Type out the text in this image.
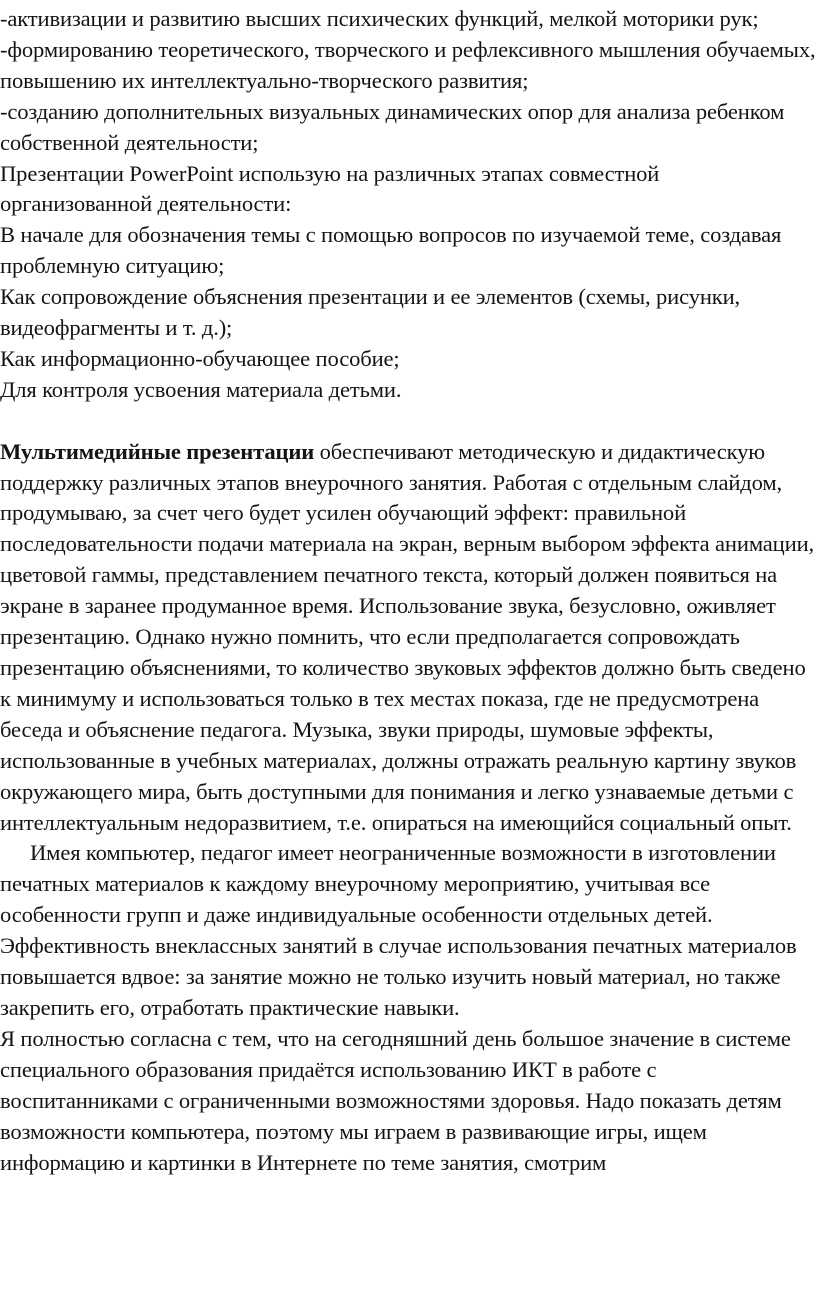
-активизации и развитию высших психических функций, мелкой моторики рук;

-формированию теоретического, творческого и рефлексивного мышления обучаемых, повышению их интеллектуально-творческого развития;

-созданию дополнительных визуальных динамических опор для анализа ребенком собственной деятельности;

Презентации PowerPoint использую на различных этапах совместной организованной деятельности:

В начале для обозначения темы с помощью вопросов по изучаемой теме, создавая проблемную ситуацию;

Как сопровождение объяснения презентации и ее элементов (схемы, рисунки, видеофрагменты и т. д.);

Как информационно-обучающее пособие;

Для контроля усвоения материала детьми.

Мультимедийные презентации обеспечивают методическую и дидактическую поддержку различных этапов внеурочного занятия. Работая с отдельным слайдом, продумываю, за счет чего будет усилен обучающий эффект: правильной последовательности подачи материала на экран, верным выбором эффекта анимации, цветовой гаммы, представлением печатного текста, который должен появиться на экране в заранее продуманное время. Использование звука, безусловно, оживляет презентацию. Однако нужно помнить, что если предполагается сопровождать презентацию объяснениями, то количество звуковых эффектов должно быть сведено к минимуму и использоваться только в тех местах показа, где не предусмотрена беседа и объяснение педагога. Музыка, звуки природы, шумовые эффекты, использованные в учебных материалах, должны отражать реальную картину звуков окружающего мира, быть доступными для понимания и легко узнаваемые детьми с интеллектуальным недоразвитием, т.е. опираться на имеющийся социальный опыт.

Имея компьютер, педагог имеет неограниченные возможности в изготовлении печатных материалов к каждому внеурочному мероприятию, учитывая все особенности групп и даже индивидуальные особенности отдельных детей. Эффективность внеклассных занятий в случае использования печатных материалов повышается вдвое: за занятие можно не только изучить новый материал, но также закрепить его, отработать практические навыки.

Я полностью согласна с тем, что на сегодняшний день большое значение в системе специального образования придаётся использованию ИКТ в работе с воспитанниками с ограниченными возможностями здоровья. Надо показать детям возможности компьютера, поэтому мы играем в развивающие игры, ищем информацию и картинки в Интернете по теме занятия, смотрим
